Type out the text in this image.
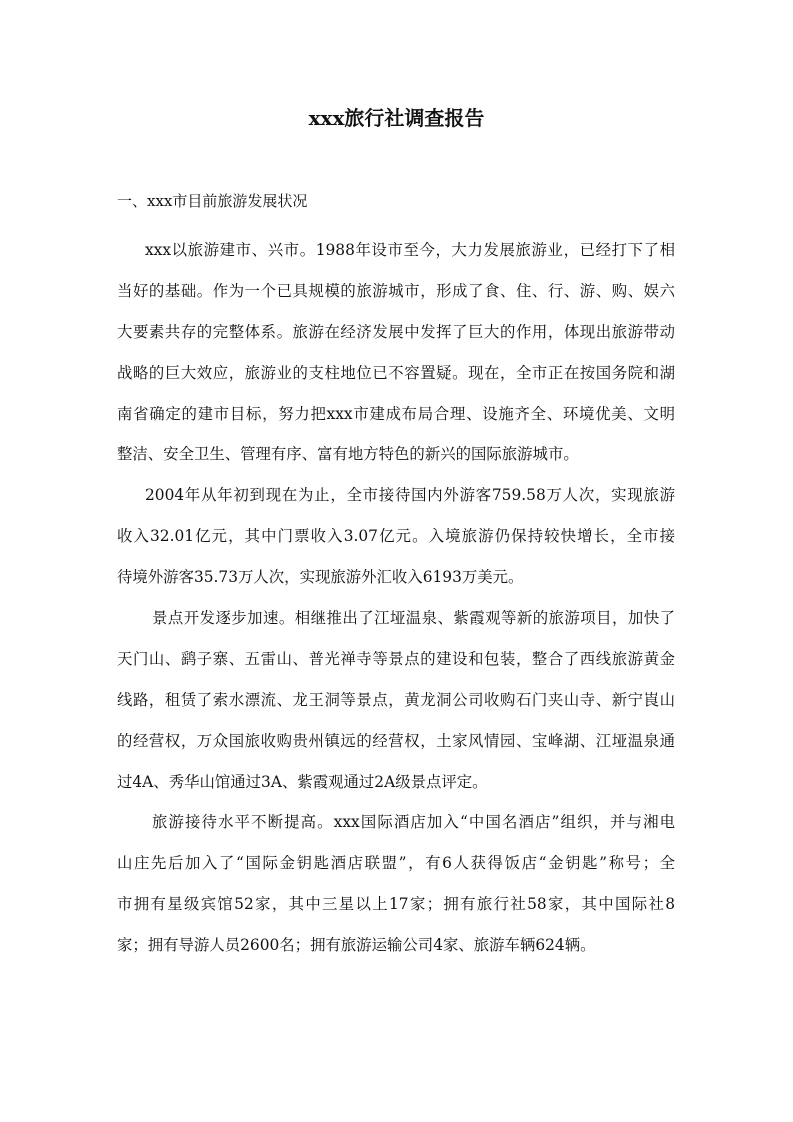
xxx旅行社调查报告
一、xxx市目前旅游发展状况
xxx以旅游建市、兴市。1988年设市至今，大力发展旅游业，已经打下了相
当好的基础。作为一个已具规模的旅游城市，形成了食、住、行、游、购、娱六
大要素共存的完整体系。旅游在经济发展中发挥了巨大的作用，体现出旅游带动
战略的巨大效应，旅游业的支柱地位已不容置疑。现在，全市正在按国务院和湖
南省确定的建市目标，努力把xxx市建成布局合理、设施齐全、环境优美、文明
整洁、安全卫生、管理有序、富有地方特色的新兴的国际旅游城市。
2004年从年初到现在为止，全市接待国内外游客759.58万人次，实现旅游
收入32.01亿元，其中门票收入3.07亿元。入境旅游仍保持较快增长，全市接
待境外游客35.73万人次，实现旅游外汇收入6193万美元。
景点开发逐步加速。相继推出了江垭温泉、紫霞观等新的旅游项目，加快了
天门山、鹞子寨、五雷山、普光禅寺等景点的建设和包装，整合了西线旅游黄金
线路，租赁了索水漂流、龙王洞等景点，黄龙洞公司收购石门夹山寺、新宁崀山
的经营权，万众国旅收购贵州镇远的经营权，土家风情园、宝峰湖、江垭温泉通
过4A、秀华山馆通过3A、紫霞观通过2A级景点评定。
旅游接待水平不断提高。xxx国际酒店加入“中国名酒店”组织，并与湘电
山庄先后加入了“国际金钥匙酒店联盟”，有6人获得饭店“金钥匙”称号；全
市拥有星级宾馆52家，其中三星以上17家；拥有旅行社58家，其中国际社8
家；拥有导游人员2600名；拥有旅游运输公司4家、旅游车辆624辆。
